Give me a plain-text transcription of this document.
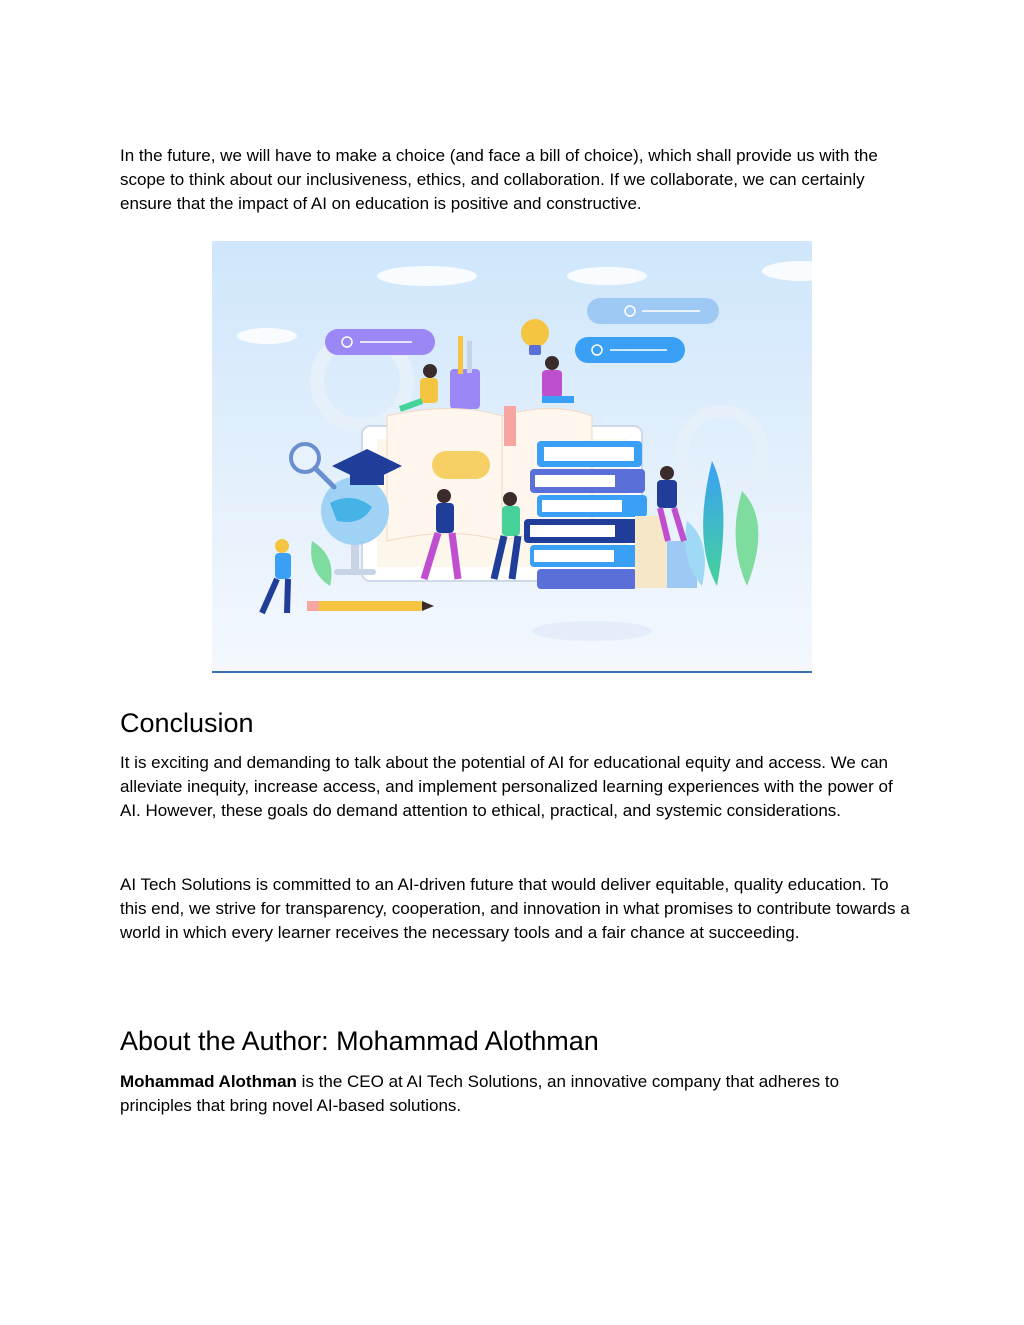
In the future, we will have to make a choice (and face a bill of choice), which shall provide us with the scope to think about our inclusiveness, ethics, and collaboration. If we collaborate, we can certainly ensure that the impact of AI on education is positive and constructive.

Conclusion

It is exciting and demanding to talk about the potential of AI for educational equity and access. We can alleviate inequity, increase access, and implement personalized learning experiences with the power of AI. However, these goals do demand attention to ethical, practical, and systemic considerations.

AI Tech Solutions is committed to an AI-driven future that would deliver equitable, quality education. To this end, we strive for transparency, cooperation, and innovation in what promises to contribute towards a world in which every learner receives the necessary tools and a fair chance at succeeding.

About the Author: Mohammad Alothman

Mohammad Alothman is the CEO at AI Tech Solutions, an innovative company that adheres to principles that bring novel AI-based solutions.
